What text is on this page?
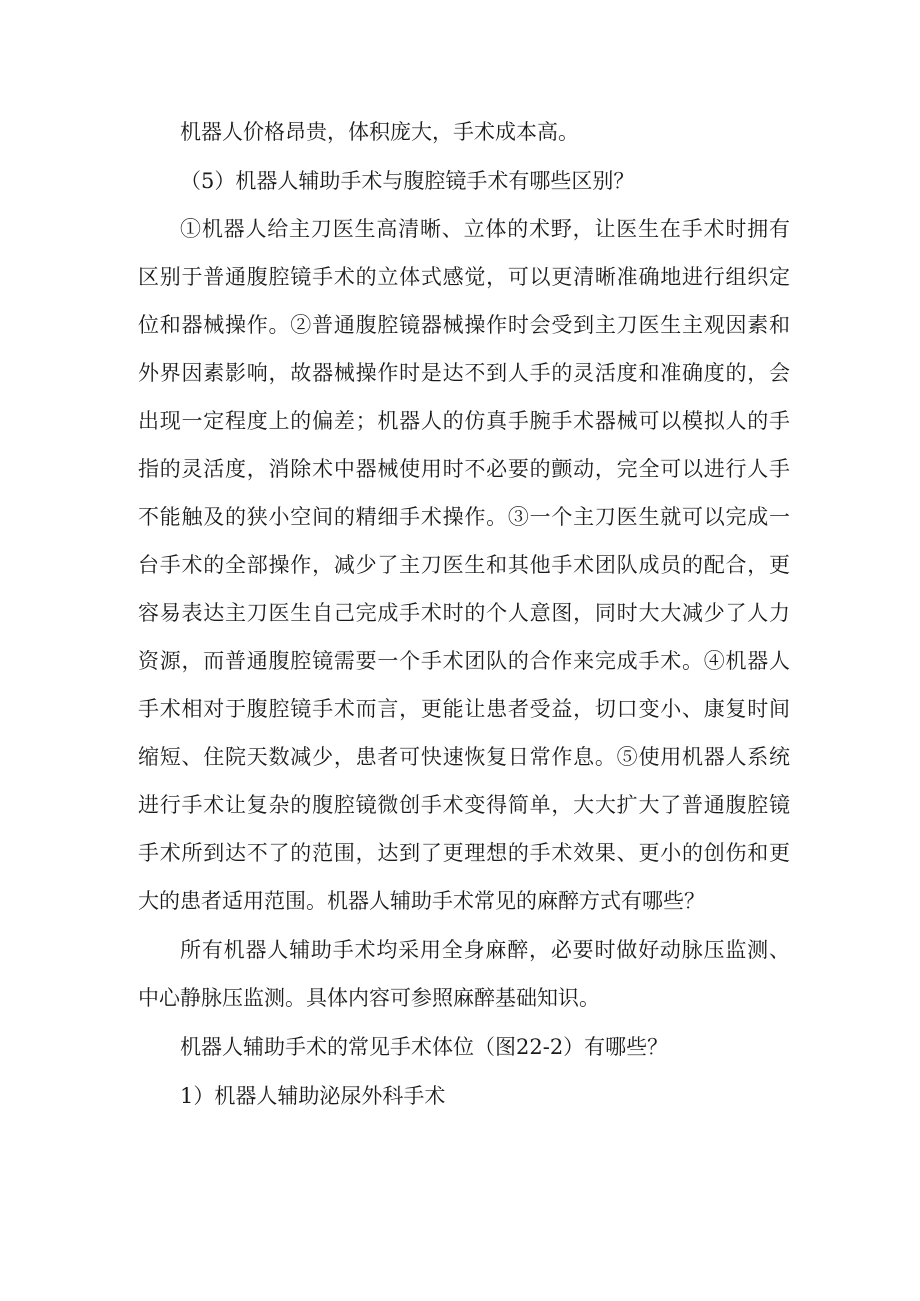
机器人价格昂贵，体积庞大，手术成本高。
（5）机器人辅助手术与腹腔镜手术有哪些区别？
①机器人给主刀医生高清晰、立体的术野，让医生在手术时拥有
区别于普通腹腔镜手术的立体式感觉，可以更清晰准确地进行组织定
位和器械操作。②普通腹腔镜器械操作时会受到主刀医生主观因素和
外界因素影响，故器械操作时是达不到人手的灵活度和准确度的，会
出现一定程度上的偏差；机器人的仿真手腕手术器械可以模拟人的手
指的灵活度，消除术中器械使用时不必要的颤动，完全可以进行人手
不能触及的狭小空间的精细手术操作。③一个主刀医生就可以完成一
台手术的全部操作，减少了主刀医生和其他手术团队成员的配合，更
容易表达主刀医生自己完成手术时的个人意图，同时大大减少了人力
资源，而普通腹腔镜需要一个手术团队的合作来完成手术。④机器人
手术相对于腹腔镜手术而言，更能让患者受益，切口变小、康复时间
缩短、住院天数减少，患者可快速恢复日常作息。⑤使用机器人系统
进行手术让复杂的腹腔镜微创手术变得简单，大大扩大了普通腹腔镜
手术所到达不了的范围，达到了更理想的手术效果、更小的创伤和更
大的患者适用范围。机器人辅助手术常见的麻醉方式有哪些？
所有机器人辅助手术均采用全身麻醉，必要时做好动脉压监测、
中心静脉压监测。具体内容可参照麻醉基础知识。
机器人辅助手术的常见手术体位（图22-2）有哪些？
1）机器人辅助泌尿外科手术
